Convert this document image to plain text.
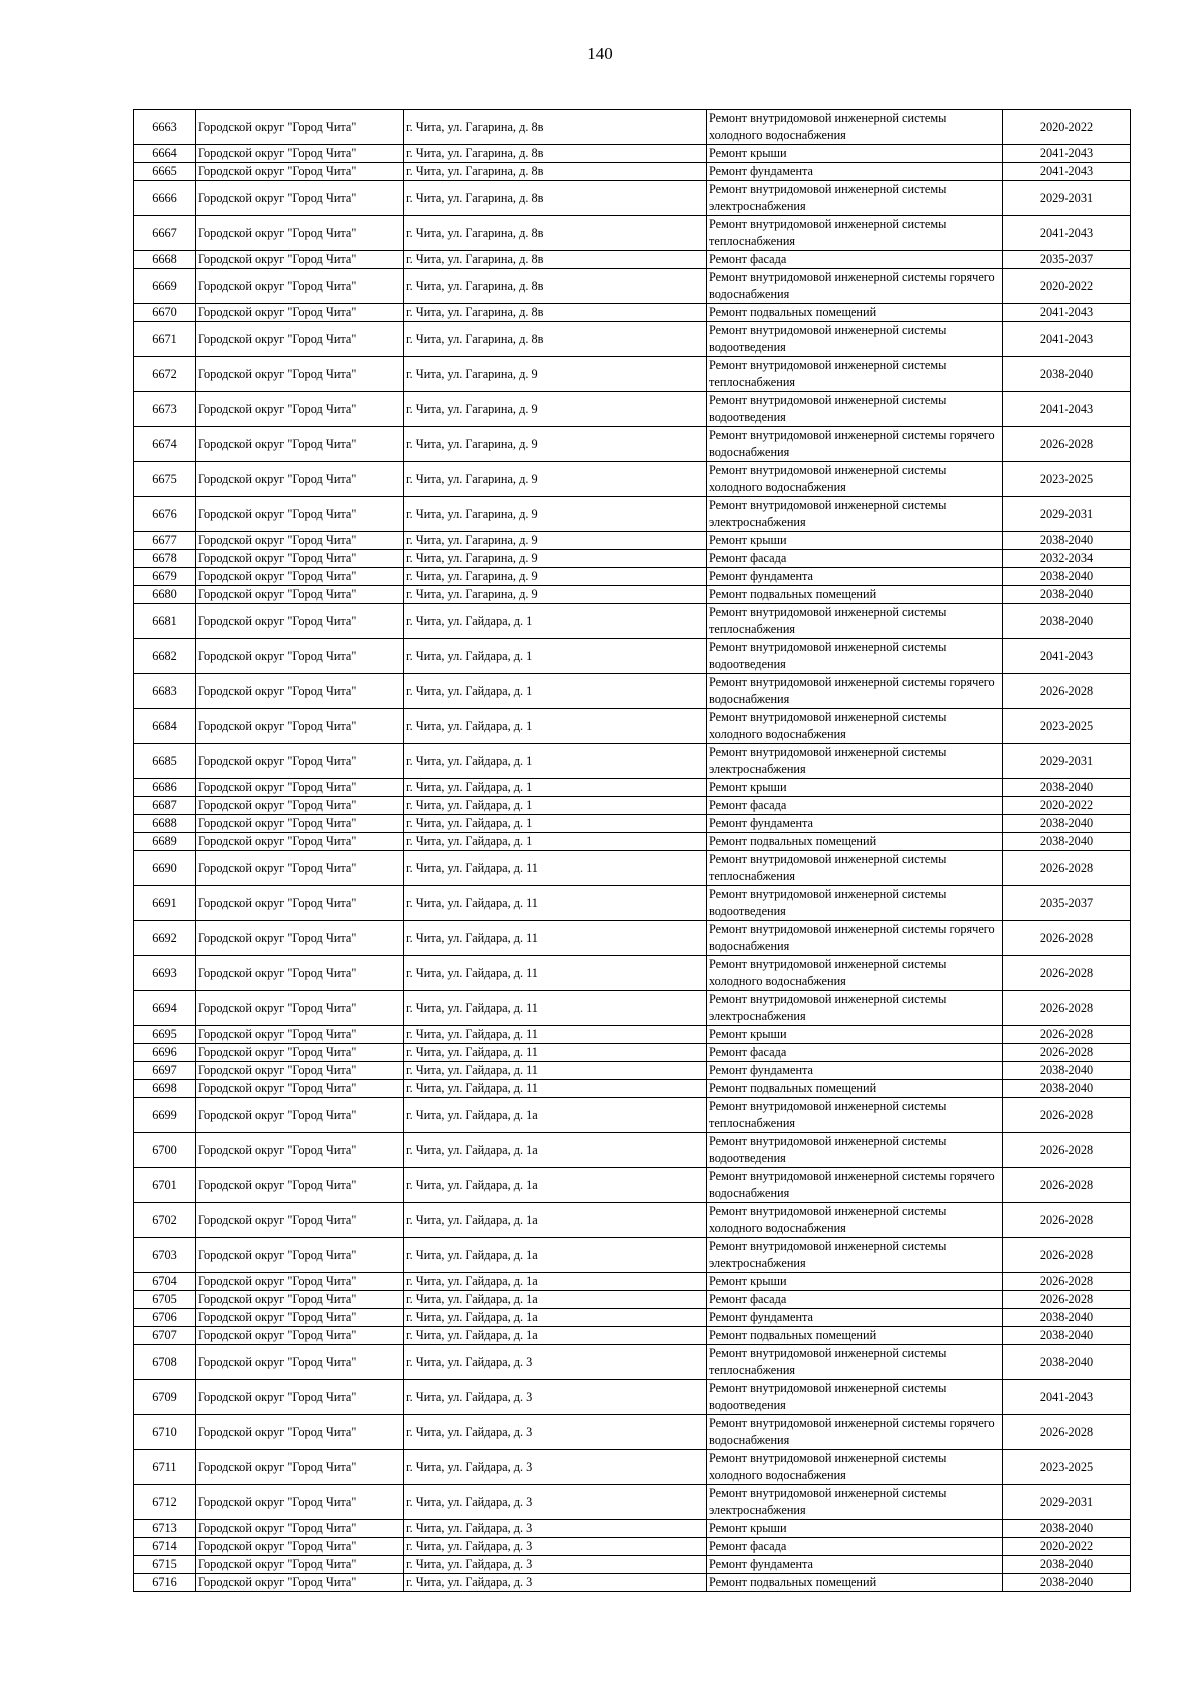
140
6663	Городской округ "Город Чита"	г. Чита, ул. Гагарина, д. 8в	Ремонт внутридомовой инженерной системы холодного водоснабжения	2020-2022
6664	Городской округ "Город Чита"	г. Чита, ул. Гагарина, д. 8в	Ремонт крыши	2041-2043
6665	Городской округ "Город Чита"	г. Чита, ул. Гагарина, д. 8в	Ремонт фундамента	2041-2043
6666	Городской округ "Город Чита"	г. Чита, ул. Гагарина, д. 8в	Ремонт внутридомовой инженерной системы электроснабжения	2029-2031
6667	Городской округ "Город Чита"	г. Чита, ул. Гагарина, д. 8в	Ремонт внутридомовой инженерной системы теплоснабжения	2041-2043
6668	Городской округ "Город Чита"	г. Чита, ул. Гагарина, д. 8в	Ремонт фасада	2035-2037
6669	Городской округ "Город Чита"	г. Чита, ул. Гагарина, д. 8в	Ремонт внутридомовой инженерной системы горячего водоснабжения	2020-2022
6670	Городской округ "Город Чита"	г. Чита, ул. Гагарина, д. 8в	Ремонт подвальных помещений	2041-2043
6671	Городской округ "Город Чита"	г. Чита, ул. Гагарина, д. 8в	Ремонт внутридомовой инженерной системы водоотведения	2041-2043
6672	Городской округ "Город Чита"	г. Чита, ул. Гагарина, д. 9	Ремонт внутридомовой инженерной системы теплоснабжения	2038-2040
6673	Городской округ "Город Чита"	г. Чита, ул. Гагарина, д. 9	Ремонт внутридомовой инженерной системы водоотведения	2041-2043
6674	Городской округ "Город Чита"	г. Чита, ул. Гагарина, д. 9	Ремонт внутридомовой инженерной системы горячего водоснабжения	2026-2028
6675	Городской округ "Город Чита"	г. Чита, ул. Гагарина, д. 9	Ремонт внутридомовой инженерной системы холодного водоснабжения	2023-2025
6676	Городской округ "Город Чита"	г. Чита, ул. Гагарина, д. 9	Ремонт внутридомовой инженерной системы электроснабжения	2029-2031
6677	Городской округ "Город Чита"	г. Чита, ул. Гагарина, д. 9	Ремонт крыши	2038-2040
6678	Городской округ "Город Чита"	г. Чита, ул. Гагарина, д. 9	Ремонт фасада	2032-2034
6679	Городской округ "Город Чита"	г. Чита, ул. Гагарина, д. 9	Ремонт фундамента	2038-2040
6680	Городской округ "Город Чита"	г. Чита, ул. Гагарина, д. 9	Ремонт подвальных помещений	2038-2040
6681	Городской округ "Город Чита"	г. Чита, ул. Гайдара, д. 1	Ремонт внутридомовой инженерной системы теплоснабжения	2038-2040
6682	Городской округ "Город Чита"	г. Чита, ул. Гайдара, д. 1	Ремонт внутридомовой инженерной системы водоотведения	2041-2043
6683	Городской округ "Город Чита"	г. Чита, ул. Гайдара, д. 1	Ремонт внутридомовой инженерной системы горячего водоснабжения	2026-2028
6684	Городской округ "Город Чита"	г. Чита, ул. Гайдара, д. 1	Ремонт внутридомовой инженерной системы холодного водоснабжения	2023-2025
6685	Городской округ "Город Чита"	г. Чита, ул. Гайдара, д. 1	Ремонт внутридомовой инженерной системы электроснабжения	2029-2031
6686	Городской округ "Город Чита"	г. Чита, ул. Гайдара, д. 1	Ремонт крыши	2038-2040
6687	Городской округ "Город Чита"	г. Чита, ул. Гайдара, д. 1	Ремонт фасада	2020-2022
6688	Городской округ "Город Чита"	г. Чита, ул. Гайдара, д. 1	Ремонт фундамента	2038-2040
6689	Городской округ "Город Чита"	г. Чита, ул. Гайдара, д. 1	Ремонт подвальных помещений	2038-2040
6690	Городской округ "Город Чита"	г. Чита, ул. Гайдара, д. 11	Ремонт внутридомовой инженерной системы теплоснабжения	2026-2028
6691	Городской округ "Город Чита"	г. Чита, ул. Гайдара, д. 11	Ремонт внутридомовой инженерной системы водоотведения	2035-2037
6692	Городской округ "Город Чита"	г. Чита, ул. Гайдара, д. 11	Ремонт внутридомовой инженерной системы горячего водоснабжения	2026-2028
6693	Городской округ "Город Чита"	г. Чита, ул. Гайдара, д. 11	Ремонт внутридомовой инженерной системы холодного водоснабжения	2026-2028
6694	Городской округ "Город Чита"	г. Чита, ул. Гайдара, д. 11	Ремонт внутридомовой инженерной системы электроснабжения	2026-2028
6695	Городской округ "Город Чита"	г. Чита, ул. Гайдара, д. 11	Ремонт крыши	2026-2028
6696	Городской округ "Город Чита"	г. Чита, ул. Гайдара, д. 11	Ремонт фасада	2026-2028
6697	Городской округ "Город Чита"	г. Чита, ул. Гайдара, д. 11	Ремонт фундамента	2038-2040
6698	Городской округ "Город Чита"	г. Чита, ул. Гайдара, д. 11	Ремонт подвальных помещений	2038-2040
6699	Городской округ "Город Чита"	г. Чита, ул. Гайдара, д. 1а	Ремонт внутридомовой инженерной системы теплоснабжения	2026-2028
6700	Городской округ "Город Чита"	г. Чита, ул. Гайдара, д. 1а	Ремонт внутридомовой инженерной системы водоотведения	2026-2028
6701	Городской округ "Город Чита"	г. Чита, ул. Гайдара, д. 1а	Ремонт внутридомовой инженерной системы горячего водоснабжения	2026-2028
6702	Городской округ "Город Чита"	г. Чита, ул. Гайдара, д. 1а	Ремонт внутридомовой инженерной системы холодного водоснабжения	2026-2028
6703	Городской округ "Город Чита"	г. Чита, ул. Гайдара, д. 1а	Ремонт внутридомовой инженерной системы электроснабжения	2026-2028
6704	Городской округ "Город Чита"	г. Чита, ул. Гайдара, д. 1а	Ремонт крыши	2026-2028
6705	Городской округ "Город Чита"	г. Чита, ул. Гайдара, д. 1а	Ремонт фасада	2026-2028
6706	Городской округ "Город Чита"	г. Чита, ул. Гайдара, д. 1а	Ремонт фундамента	2038-2040
6707	Городской округ "Город Чита"	г. Чита, ул. Гайдара, д. 1а	Ремонт подвальных помещений	2038-2040
6708	Городской округ "Город Чита"	г. Чита, ул. Гайдара, д. 3	Ремонт внутридомовой инженерной системы теплоснабжения	2038-2040
6709	Городской округ "Город Чита"	г. Чита, ул. Гайдара, д. 3	Ремонт внутридомовой инженерной системы водоотведения	2041-2043
6710	Городской округ "Город Чита"	г. Чита, ул. Гайдара, д. 3	Ремонт внутридомовой инженерной системы горячего водоснабжения	2026-2028
6711	Городской округ "Город Чита"	г. Чита, ул. Гайдара, д. 3	Ремонт внутридомовой инженерной системы холодного водоснабжения	2023-2025
6712	Городской округ "Город Чита"	г. Чита, ул. Гайдара, д. 3	Ремонт внутридомовой инженерной системы электроснабжения	2029-2031
6713	Городской округ "Город Чита"	г. Чита, ул. Гайдара, д. 3	Ремонт крыши	2038-2040
6714	Городской округ "Город Чита"	г. Чита, ул. Гайдара, д. 3	Ремонт фасада	2020-2022
6715	Городской округ "Город Чита"	г. Чита, ул. Гайдара, д. 3	Ремонт фундамента	2038-2040
6716	Городской округ "Город Чита"	г. Чита, ул. Гайдара, д. 3	Ремонт подвальных помещений	2038-2040
